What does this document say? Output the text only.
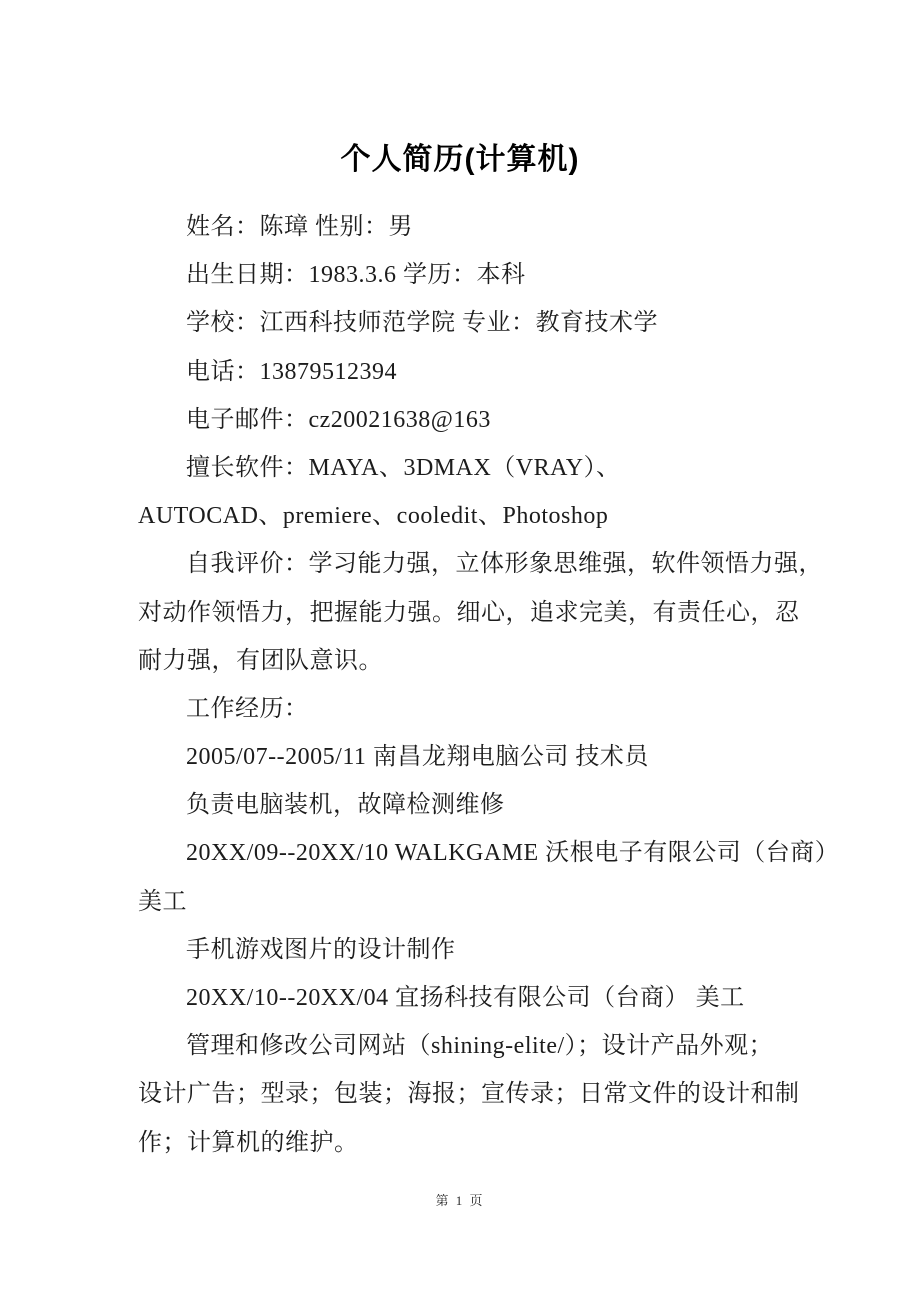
个人简历(计算机)
姓名：陈璋 性别：男
出生日期：1983.3.6 学历：本科
学校：江西科技师范学院 专业：教育技术学
电话：13879512394
电子邮件：cz20021638@163
擅长软件：MAYA、3DMAX（VRAY）、
AUTOCAD、premiere、cooledit、Photoshop
自我评价：学习能力强，立体形象思维强，软件领悟力强，
对动作领悟力，把握能力强。细心，追求完美，有责任心，忍
耐力强，有团队意识。
工作经历：
2005/07--2005/11 南昌龙翔电脑公司 技术员
负责电脑装机，故障检测维修
20XX/09--20XX/10 WALKGAME 沃根电子有限公司（台商）
美工
手机游戏图片的设计制作
20XX/10--20XX/04 宜扬科技有限公司（台商） 美工
管理和修改公司网站（shining-elite/）；设计产品外观；
设计广告；型录；包装；海报；宣传录；日常文件的设计和制
作；计算机的维护。
第 1 页
